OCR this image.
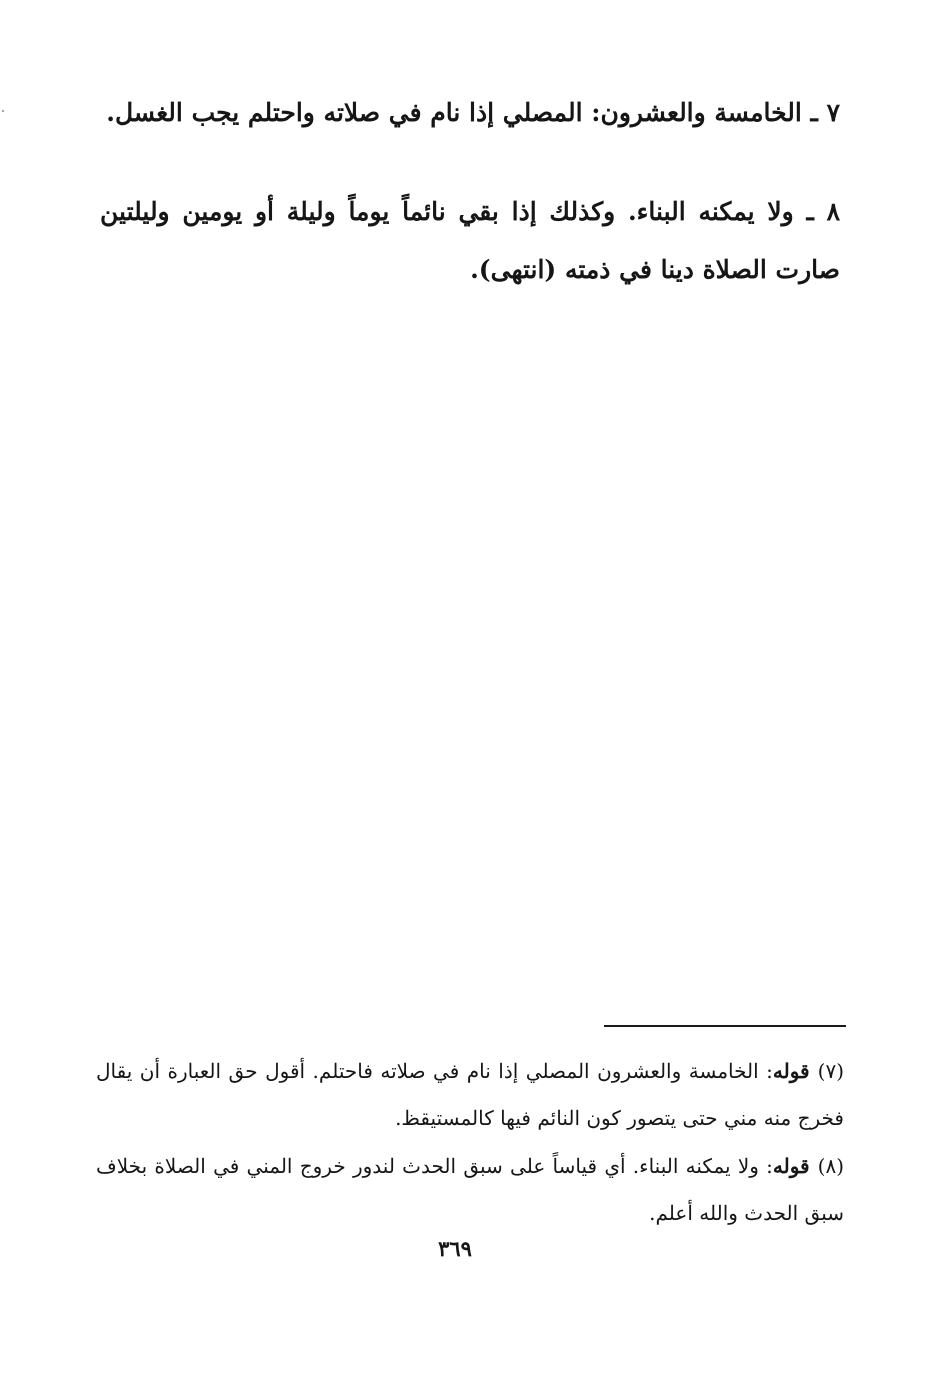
٧ ـ الخامسة والعشرون: المصلي إذا نام في صلاته واحتلم يجب الغسل.

٨ ـ ولا يمكنه البناء. وكذلك إذا بقي نائماً يوماً وليلة أو يومين وليلتين صارت الصلاة دينا في ذمته (انتهى).

(٧)قوله: الخامسة والعشرون المصلي إذا نام في صلاته فاحتلم. أقول حق العبارة أن يقال فخرج منه مني حتى يتصور كون النائم فيها كالمستيقظ.

(٨)قوله: ولا يمكنه البناء. أي قياساً على سبق الحدث لندور خروج المني في الصلاة بخلاف سبق الحدث والله أعلم.

٣٦٩
